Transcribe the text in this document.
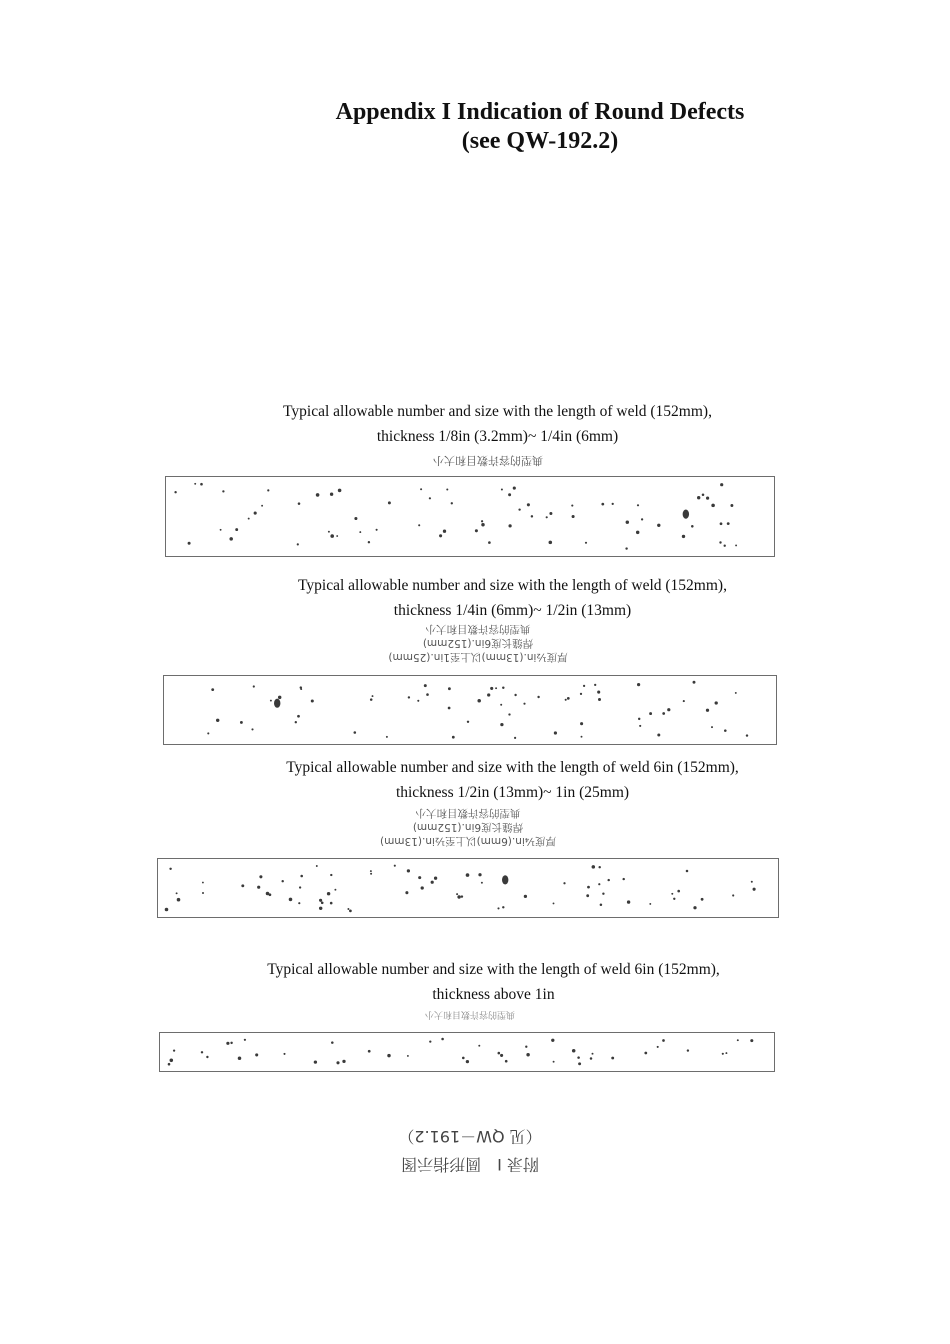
Appendix I Indication of Round Defects
(see QW-192.2)
Typical allowable number and size with the length of weld (152mm),
thickness 1/8in (3.2mm)~ 1/4in (6mm)
典型的容许数目和大小
Typical allowable number and size with the length of weld (152mm),
thickness 1/4in (6mm)~ 1/2in (13mm)
厚度½in.(13mm)以上至1in.(25mm)
焊缝长度6in.(152mm)
典型的容许数目和大小
Typical allowable number and size with the length of weld 6in (152mm),
thickness 1/2in (13mm)~ 1in (25mm)
厚度¼in.(6mm)以上至½in.(13mm)
焊缝长度6in.(152mm)
典型的容许数目和大小
Typical allowable number and size with the length of weld 6in (152mm),
thickness above 1in
典型的容许数目和大小
附录 I　圆形指示图
（见 QW－191.2）
